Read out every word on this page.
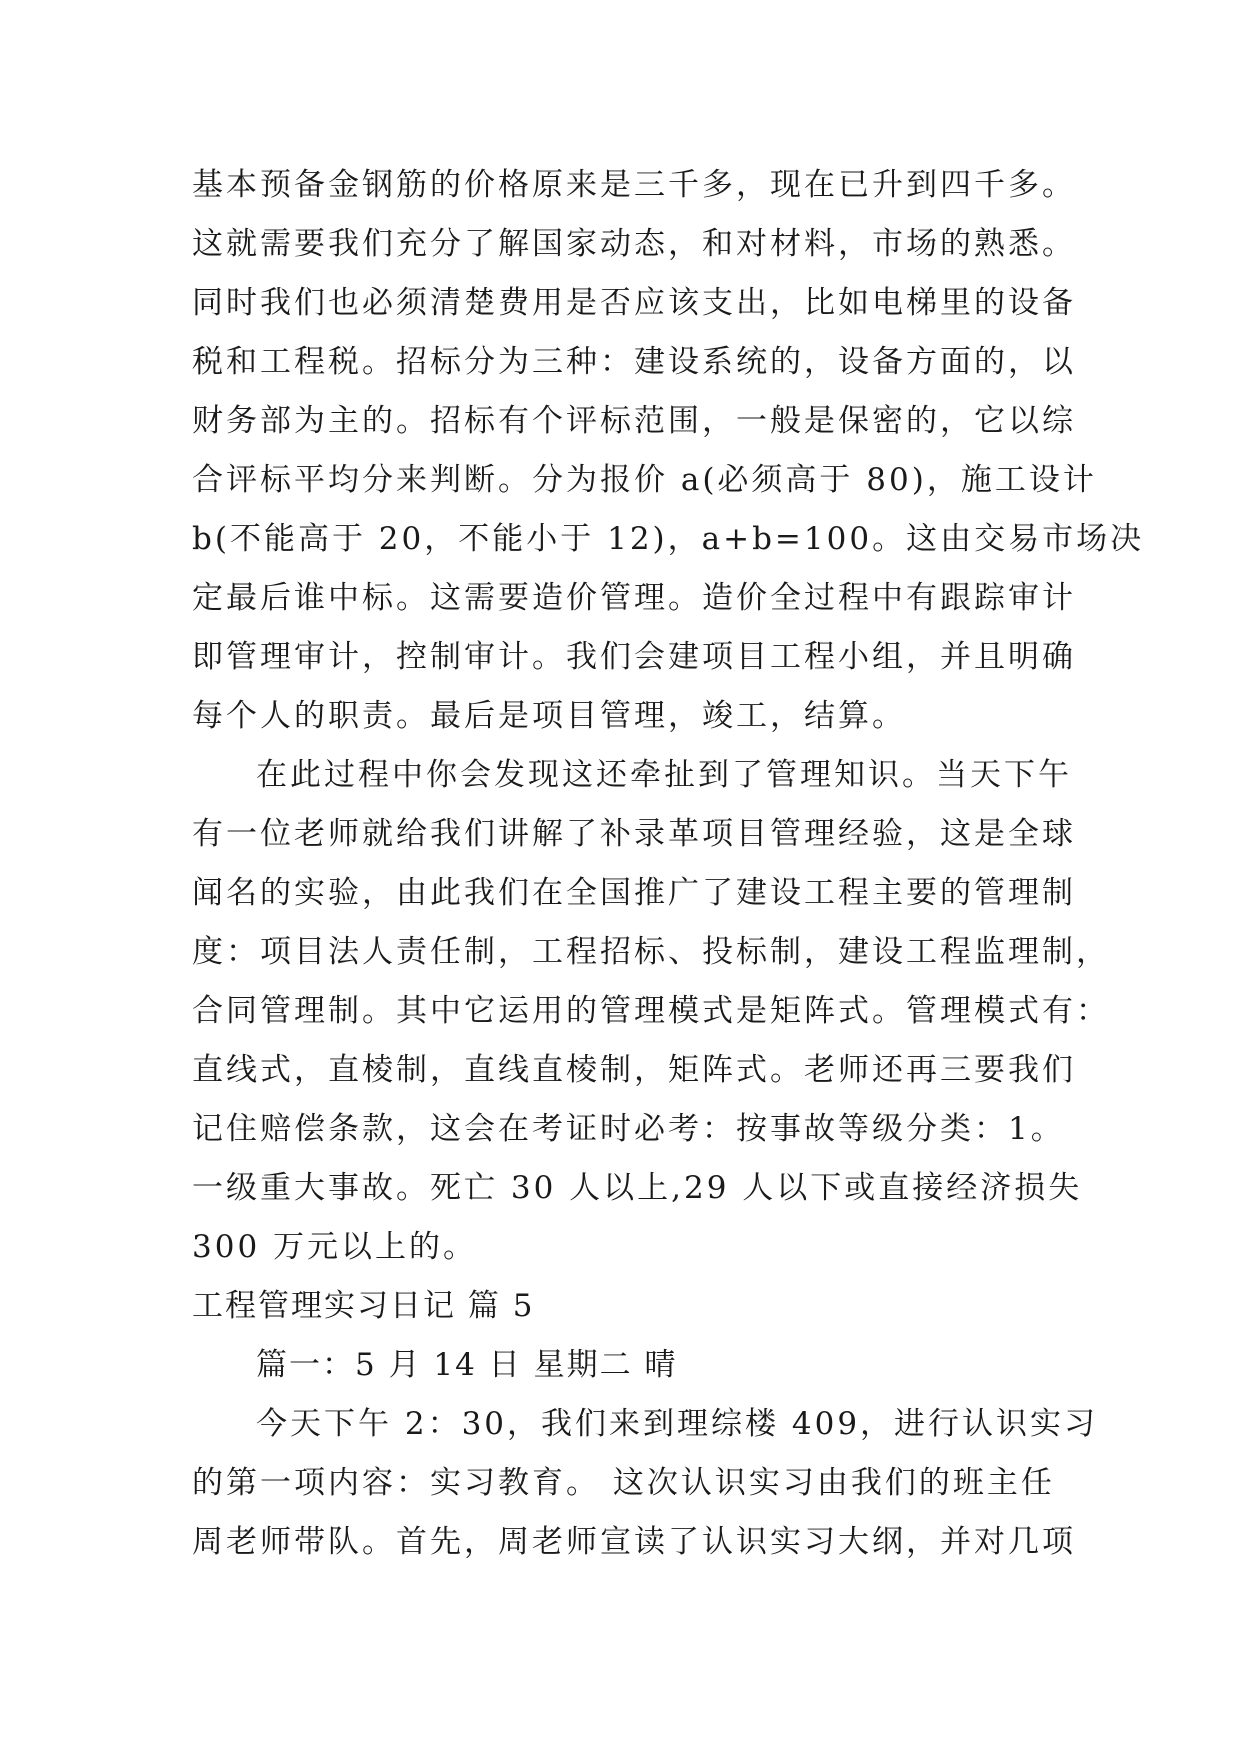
基本预备金钢筋的价格原来是三千多，现在已升到四千多。
这就需要我们充分了解国家动态，和对材料，市场的熟悉。
同时我们也必须清楚费用是否应该支出，比如电梯里的设备
税和工程税。招标分为三种：建设系统的，设备方面的，以
财务部为主的。招标有个评标范围，一般是保密的，它以综
合评标平均分来判断。分为报价 a(必须高于 80)，施工设计
b(不能高于 20，不能小于 12)，a+b=100。这由交易市场决
定最后谁中标。这需要造价管理。造价全过程中有跟踪审计
即管理审计，控制审计。我们会建项目工程小组，并且明确
每个人的职责。最后是项目管理，竣工，结算。
在此过程中你会发现这还牵扯到了管理知识。当天下午
有一位老师就给我们讲解了补录革项目管理经验，这是全球
闻名的实验，由此我们在全国推广了建设工程主要的管理制
度：项目法人责任制，工程招标、投标制，建设工程监理制，
合同管理制。其中它运用的管理模式是矩阵式。管理模式有：
直线式，直棱制，直线直棱制，矩阵式。老师还再三要我们
记住赔偿条款，这会在考证时必考：按事故等级分类：1。
一级重大事故。死亡 30 人以上,29 人以下或直接经济损失
300 万元以上的。
工程管理实习日记 篇 5
篇一：5 月 14 日 星期二 晴
今天下午 2：30，我们来到理综楼 409，进行认识实习
的第一项内容：实习教育。 这次认识实习由我们的班主任
周老师带队。首先，周老师宣读了认识实习大纲，并对几项
